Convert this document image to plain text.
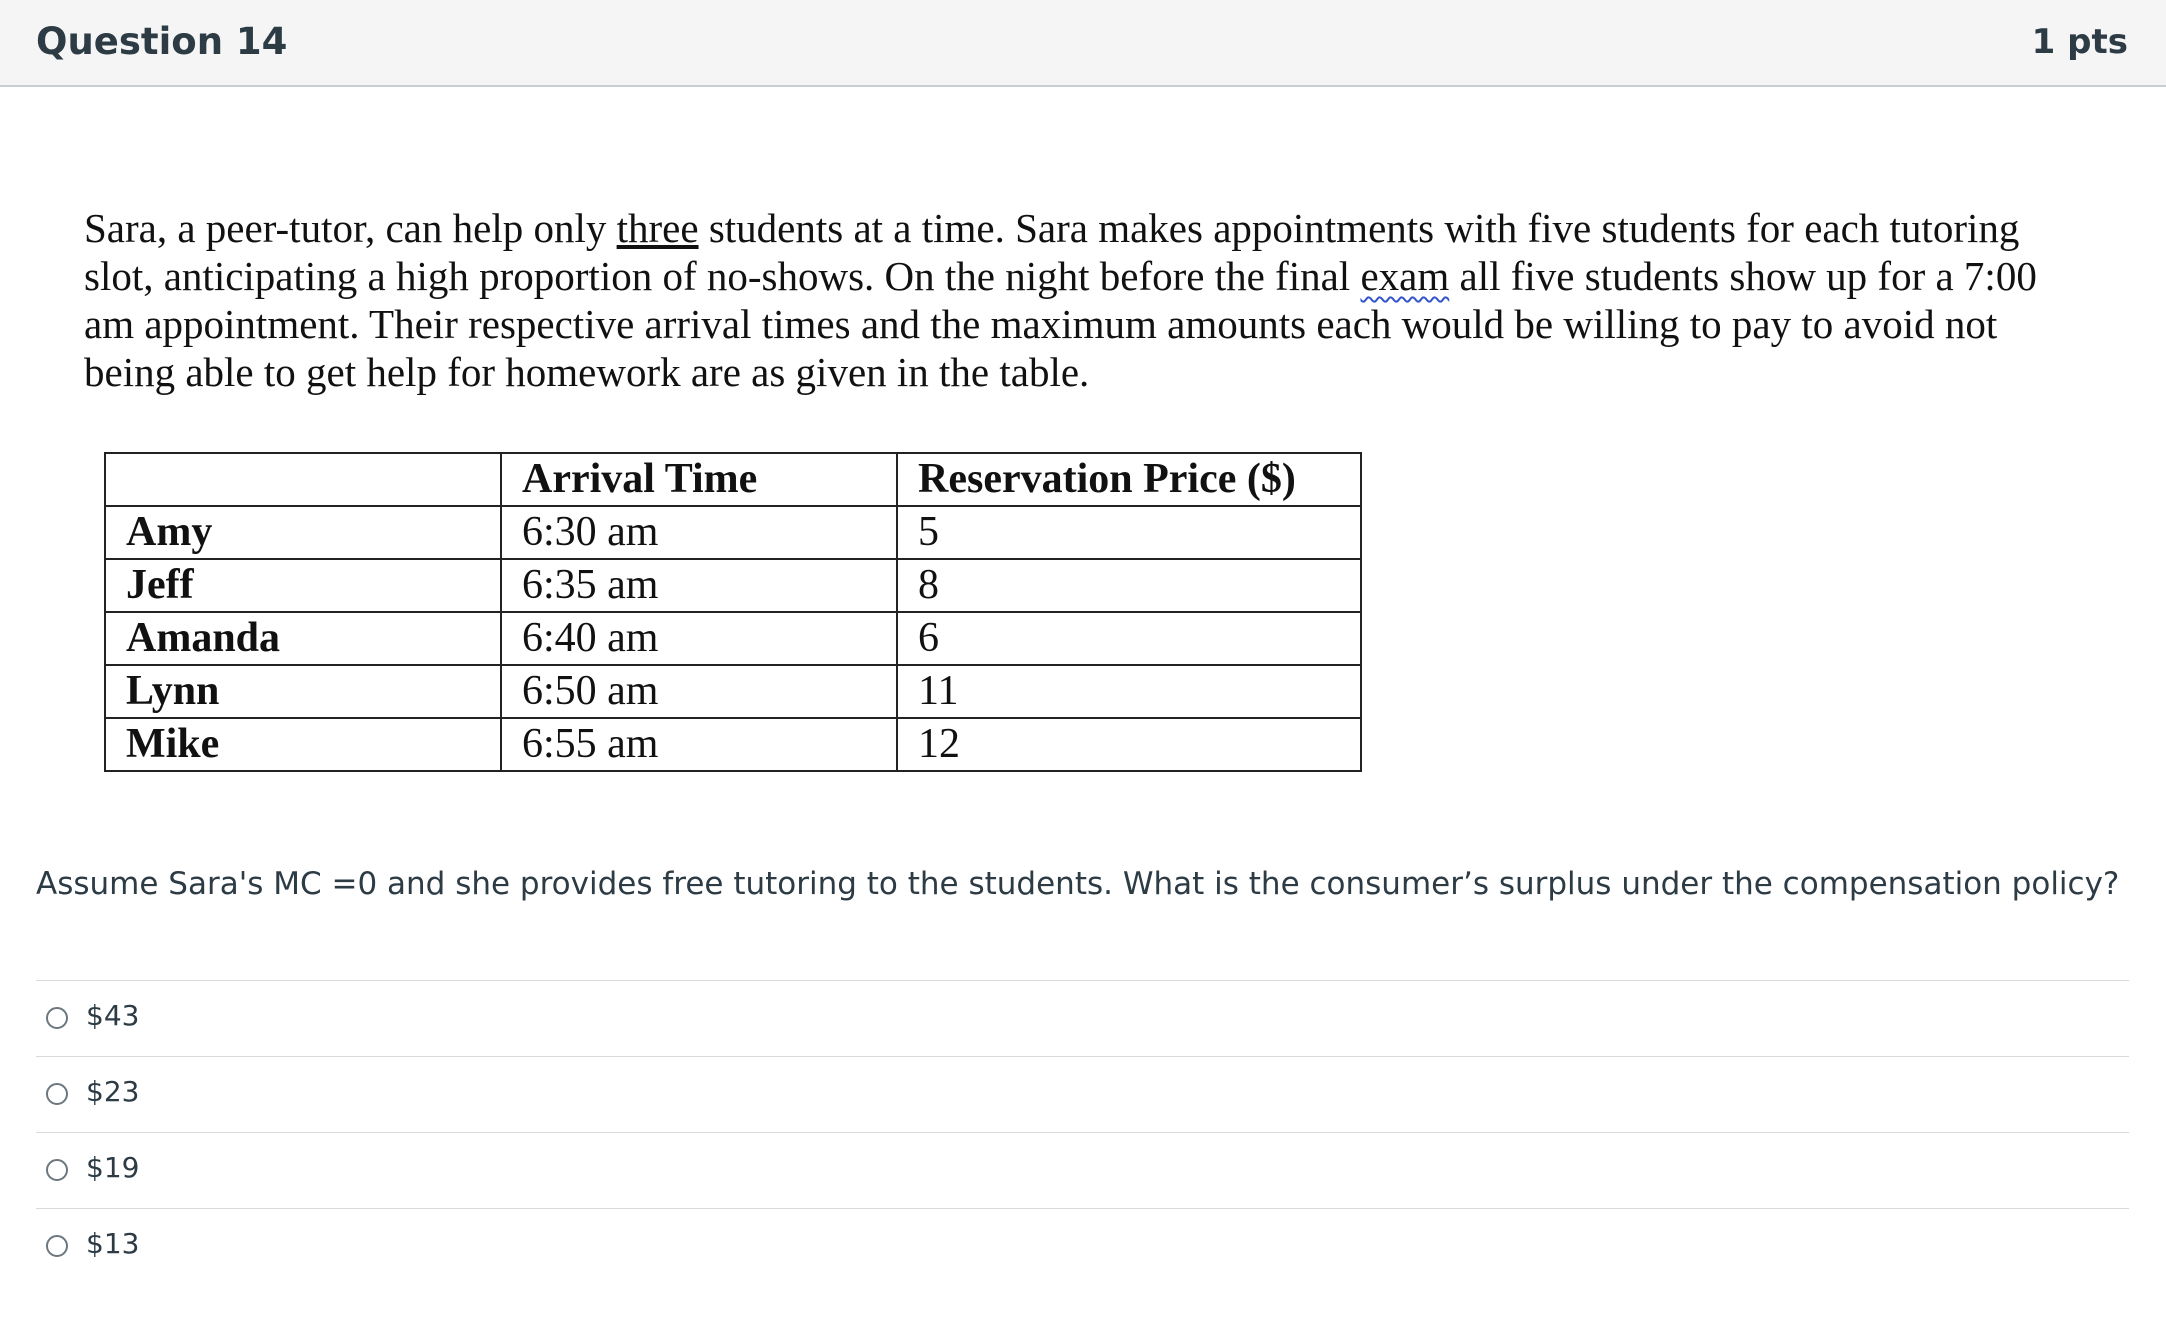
Question 14	1 pts

Sara, a peer-tutor, can help only three students at a time. Sara makes appointments with five students for each tutoring slot, anticipating a high proportion of no-shows. On the night before the final exam all five students show up for a 7:00 am appointment. Their respective arrival times and the maximum amounts each would be willing to pay to avoid not being able to get help for homework are as given in the table.

	Arrival Time	Reservation Price ($)
Amy	6:30 am	5
Jeff	6:35 am	8
Amanda	6:40 am	6
Lynn	6:50 am	11
Mike	6:55 am	12
Assume Sara's MC =0 and she provides free tutoring to the students. What is the consumer’s surplus under the compensation policy?
$43
$23
$19
$13
